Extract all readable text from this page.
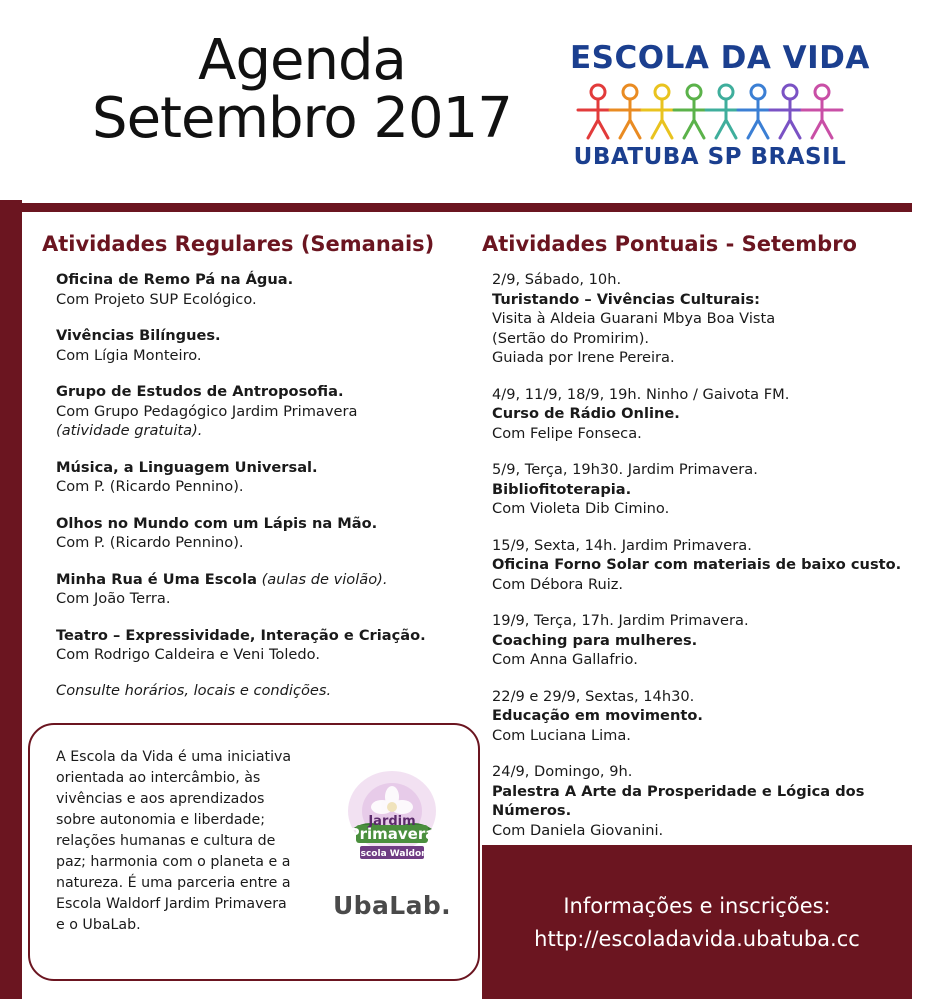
Agenda
Setembro 2017
ESCOLA DA VIDA
UBATUBA SP BRASIL
Atividades Regulares (Semanais)
Oficina de Remo Pá na Água.
Com Projeto SUP Ecológico.
Vivências Bilíngues.
Com Lígia Monteiro.
Grupo de Estudos de Antroposofia.
Com Grupo Pedagógico Jardim Primavera
(atividade gratuita).
Música, a Linguagem Universal.
Com P. (Ricardo Pennino).
Olhos no Mundo com um Lápis na Mão.
Com P. (Ricardo Pennino).
Minha Rua é Uma Escola (aulas de violão).
Com João Terra.
Teatro – Expressividade, Interação e Criação.
Com Rodrigo Caldeira e Veni Toledo.
Consulte horários, locais e condições.
Atividades Pontuais - Setembro
2/9, Sábado, 10h.
Turistando – Vivências Culturais:
Visita à Aldeia Guarani Mbya Boa Vista
(Sertão do Promirim).
Guiada por Irene Pereira.
4/9, 11/9, 18/9, 19h. Ninho / Gaivota FM.
Curso de Rádio Online.
Com Felipe Fonseca.
5/9, Terça, 19h30. Jardim Primavera.
Bibliofitoterapia.
Com Violeta Dib Cimino.
15/9, Sexta, 14h. Jardim Primavera.
Oficina Forno Solar com materiais de baixo custo.
Com Débora Ruiz.
19/9, Terça, 17h. Jardim Primavera.
Coaching para mulheres.
Com Anna Gallafrio.
22/9 e 29/9, Sextas, 14h30.
Educação em movimento.
Com Luciana Lima.
24/9, Domingo, 9h.
Palestra A Arte da Prosperidade e Lógica dos Números.
Com Daniela Giovanini.
A Escola da Vida é uma iniciativa orientada ao intercâmbio, às vivências e aos aprendizados sobre autonomia e liberdade; relações humanas e cultura de paz; harmonia com o planeta e a natureza. É uma parceria entre a Escola Waldorf Jardim Primavera e o UbaLab.
Jardim
Primavera
Escola Waldorf
UbaLab.	Informações e inscrições:
http://escoladavida.ubatuba.cc
